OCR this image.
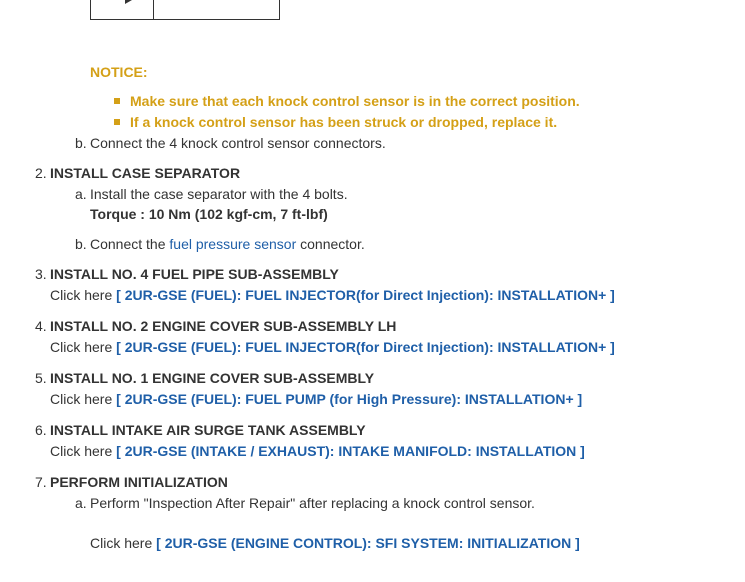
NOTICE:
Make sure that each knock control sensor is in the correct position.
If a knock control sensor has been struck or dropped, replace it.
b. Connect the 4 knock control sensor connectors.
2. INSTALL CASE SEPARATOR
a. Install the case separator with the 4 bolts.
Torque : 10 Nm (102 kgf-cm, 7 ft-lbf)
b. Connect the fuel pressure sensor connector.
3. INSTALL NO. 4 FUEL PIPE SUB-ASSEMBLY
Click here [ 2UR-GSE (FUEL): FUEL INJECTOR(for Direct Injection): INSTALLATION+ ]
4. INSTALL NO. 2 ENGINE COVER SUB-ASSEMBLY LH
Click here [ 2UR-GSE (FUEL): FUEL INJECTOR(for Direct Injection): INSTALLATION+ ]
5. INSTALL NO. 1 ENGINE COVER SUB-ASSEMBLY
Click here [ 2UR-GSE (FUEL): FUEL PUMP (for High Pressure): INSTALLATION+ ]
6. INSTALL INTAKE AIR SURGE TANK ASSEMBLY
Click here [ 2UR-GSE (INTAKE / EXHAUST): INTAKE MANIFOLD: INSTALLATION ]
7. PERFORM INITIALIZATION
a. Perform "Inspection After Repair" after replacing a knock control sensor.
Click here [ 2UR-GSE (ENGINE CONTROL): SFI SYSTEM: INITIALIZATION ]
